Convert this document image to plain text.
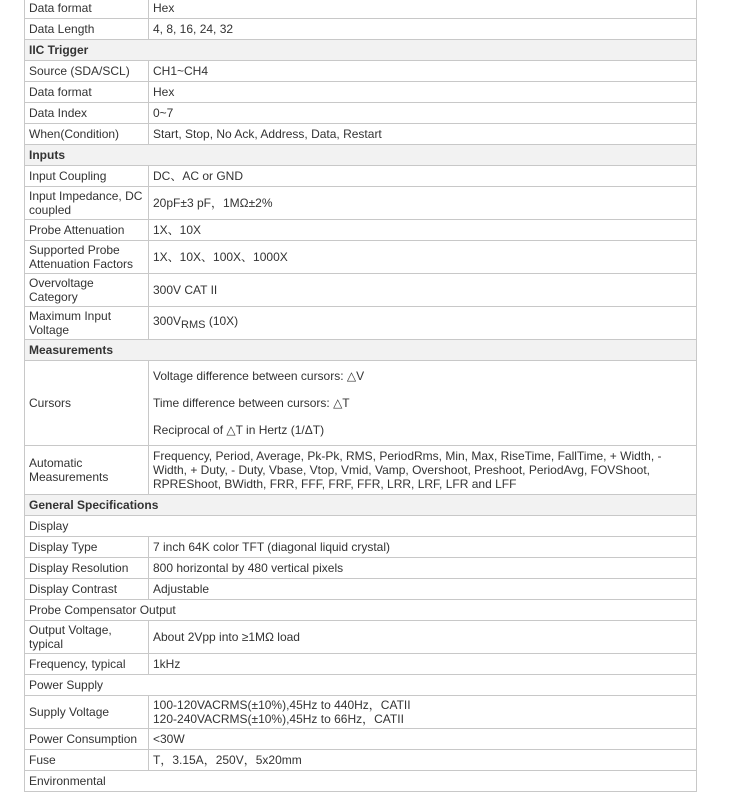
Data format	Hex
Data Length	4, 8, 16, 24, 32
IIC Trigger	
Source (SDA/SCL)	CH1~CH4
Data format	Hex
Data Index	0~7
When(Condition)	Start, Stop, No Ack, Address, Data, Restart
Inputs	
Input Coupling	DC、AC or GND
Input Impedance, DC coupled	20pF±3 pF，1MΩ±2%
Probe Attenuation	1X、10X
Supported Probe Attenuation Factors	1X、10X、100X、1000X
Overvoltage Category	300V CAT II
Maximum Input Voltage	300VRMS (10X)
Measurements	
Cursors	Voltage difference between cursors: △V
Time difference between cursors: △T
Reciprocal of △T in Hertz (1/ΔT)

Automatic Measurements	Frequency, Period, Average, Pk-Pk, RMS, PeriodRms, Min, Max, RiseTime, FallTime, + Width, - Width, + Duty, - Duty, Vbase, Vtop, Vmid, Vamp, Overshoot, Preshoot, PeriodAvg, FOVShoot, RPREShoot, BWidth, FRR, FFF, FRF, FFR, LRR, LRF, LFR and LFF
General Specifications	
Display	
Display Type	7 inch 64K color TFT (diagonal liquid crystal)
Display Resolution	800 horizontal by 480 vertical pixels
Display Contrast	Adjustable
Probe Compensator Output	
Output Voltage, typical	About 2Vpp into ≥1MΩ load
Frequency, typical	1kHz
Power Supply	
Supply Voltage	100-120VACRMS(±10%),45Hz to 440Hz，CATII
120-240VACRMS(±10%),45Hz to 66Hz，CATII

Power Consumption	<30W
Fuse	T，3.15A，250V，5x20mm
Environmental	
